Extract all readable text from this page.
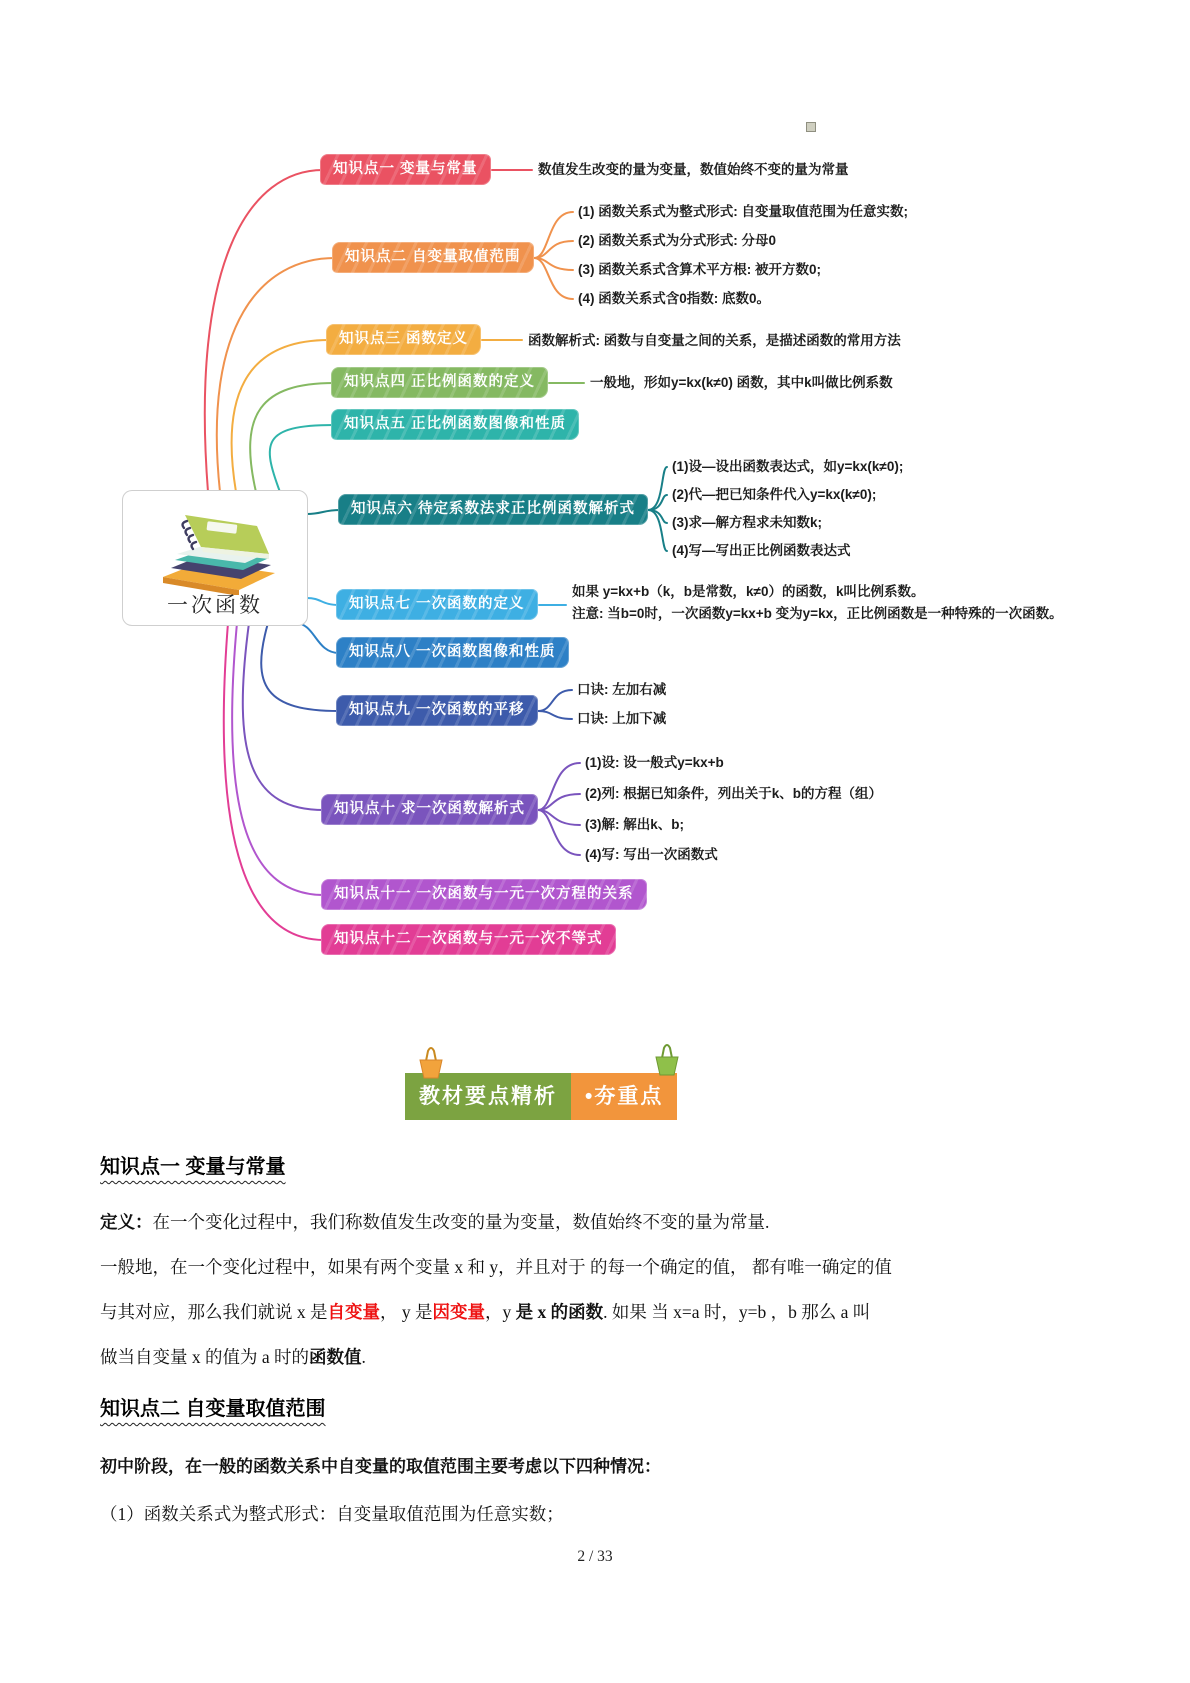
一次函数
知识点一 变量与常量	数值发生改变的量为变量，数值始终不变的量为常量
知识点二 自变量取值范围
(1) 函数关系式为整式形式: 自变量取值范围为任意实数;
(2) 函数关系式为分式形式: 分母0
(3) 函数关系式含算术平方根: 被开方数0;
(4) 函数关系式含0指数: 底数0。
知识点三 函数定义	函数解析式: 函数与自变量之间的关系，是描述函数的常用方法
知识点四 正比例函数的定义	一般地，形如y=kx(k≠0) 函数，其中k叫做比例系数
知识点五 正比例函数图像和性质
知识点六 待定系数法求正比例函数解析式
(1)设—设出函数表达式，如y=kx(k≠0);
(2)代—把已知条件代入y=kx(k≠0);
(3)求—解方程求未知数k;
(4)写—写出正比例函数表达式
知识点七 一次函数的定义
如果 y=kx+b（k，b是常数，k≠0）的函数，k叫比例系数。
注意: 当b=0时，一次函数y=kx+b 变为y=kx，正比例函数是一种特殊的一次函数。
知识点八 一次函数图像和性质
知识点九 一次函数的平移
口诀: 左加右减
口诀: 上加下减
知识点十 求一次函数解析式
(1)设: 设一般式y=kx+b
(2)列: 根据已知条件，列出关于k、b的方程（组）
(3)解: 解出k、b;
(4)写: 写出一次函数式
知识点十一 一次函数与一元一次方程的关系
知识点十二 一次函数与一元一次不等式
教材要点精析	•夯重点
知识点一 变量与常量

定义：在一个变化过程中，我们称数值发生改变的量为变量，数值始终不变的量为常量.

一般地，在一个变化过程中，如果有两个变量 x 和 y，并且对于 的每一个确定的值， 都有唯一确定的值

与其对应，那么我们就说 x 是自变量， y 是因变量，y 是 x 的函数. 如果 当 x=a 时，y=b ，b 那么 a 叫

做当自变量 x 的值为 a 时的函数值.

知识点二 自变量取值范围

初中阶段，在一般的函数关系中自变量的取值范围主要考虑以下四种情况：

（1）函数关系式为整式形式：自变量取值范围为任意实数；

2 / 33
